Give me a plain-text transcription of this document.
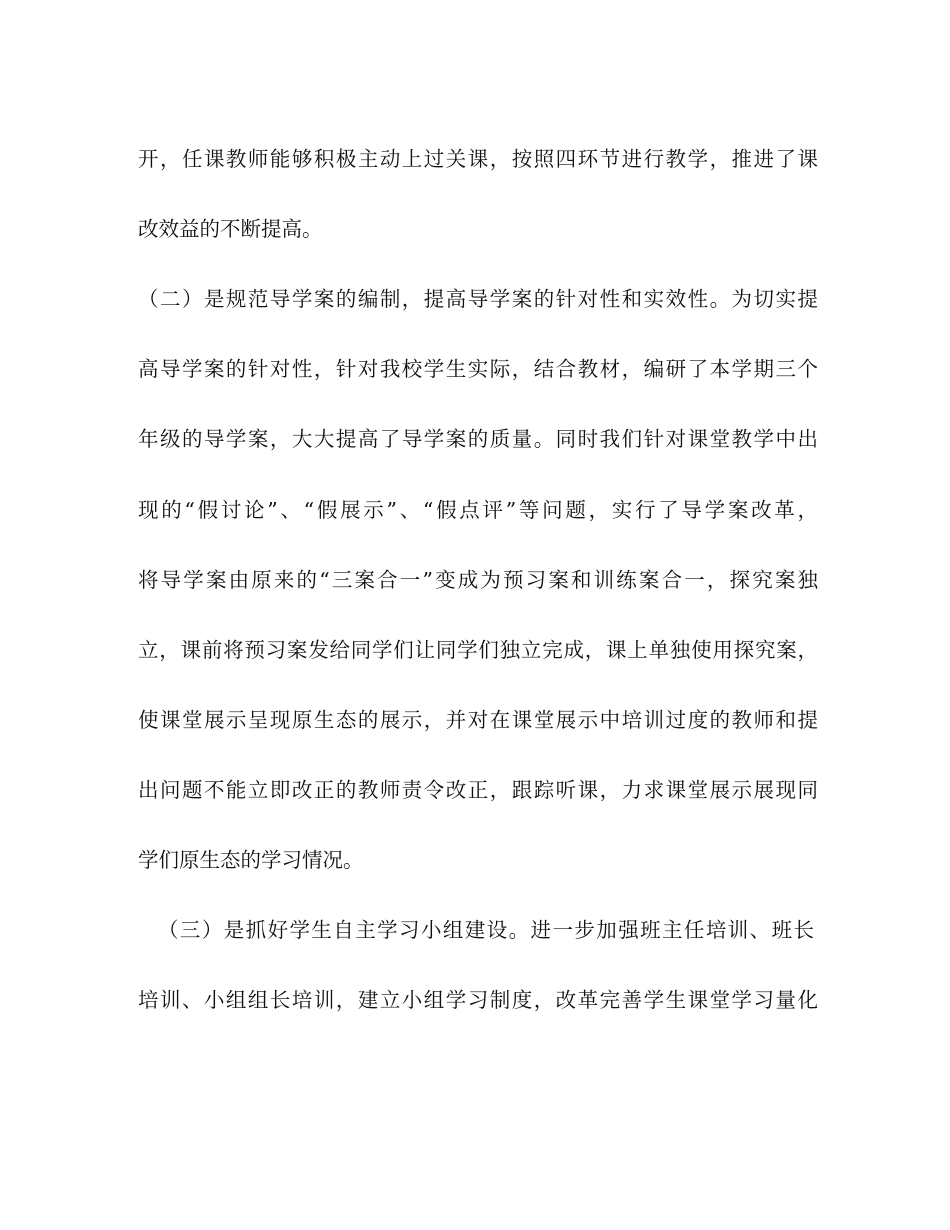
开，任课教师能够积极主动上过关课，按照四环节进行教学，推进了课
改效益的不断提高。
（二）是规范导学案的编制，提高导学案的针对性和实效性。为切实提
高导学案的针对性，针对我校学生实际，结合教材，编研了本学期三个
年级的导学案，大大提高了导学案的质量。同时我们针对课堂教学中出
现的“假讨论”、“假展示”、“假点评”等问题，实行了导学案改革，
将导学案由原来的“三案合一”变成为预习案和训练案合一，探究案独
立，课前将预习案发给同学们让同学们独立完成，课上单独使用探究案，
使课堂展示呈现原生态的展示，并对在课堂展示中培训过度的教师和提
出问题不能立即改正的教师责令改正，跟踪听课，力求课堂展示展现同
学们原生态的学习情况。
（三）是抓好学生自主学习小组建设。进一步加强班主任培训、班长
培训、小组组长培训，建立小组学习制度，改革完善学生课堂学习量化
